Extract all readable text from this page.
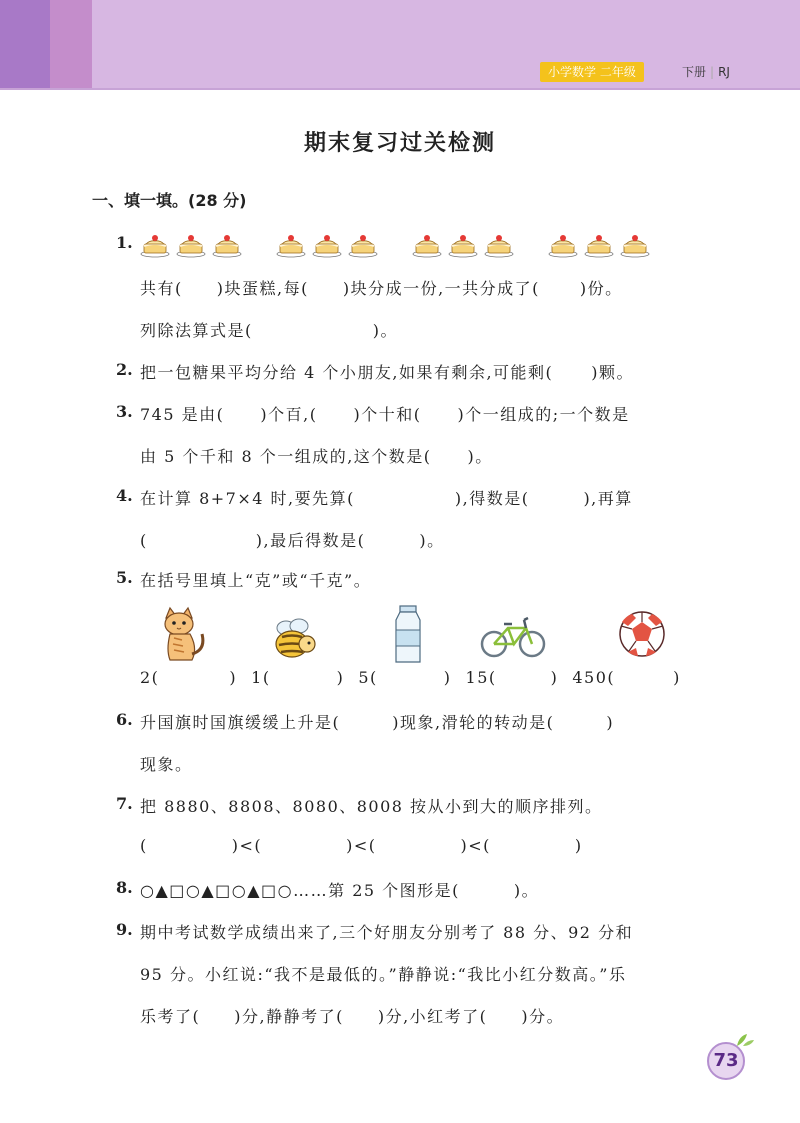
小学数学 二年级	下册 | RJ
期末复习过关检测
一、填一填。(28 分)
1.
共有( )块蛋糕,每( )块分成一份,一共分成了(	)份。
列除法算式是(	)。
2. 把一包糖果平均分给 4 个小朋友,如果有剩余,可能剩( )颗。
3. 745 是由( )个百,( )个十和( )个一组成的;一个数是
由 5 个千和 8 个一组成的,这个数是( )。
4. 在计算 8+7×4 时,要先算(	),得数是(	),再算
(	),最后得数是(	)。
5. 在括号里填上“克”或“千克”。
2(	) 1(	) 5(	) 15(	) 450(	)
6. 升国旗时国旗缓缓上升是(	)现象,滑轮的转动是(	)
现象。
7. 把 8880、8808、8080、8008 按从小到大的顺序排列。
(	)<(	)<(	)<(	)
8. ○▲□○▲□○▲□○……第 25 个图形是(	)。
9. 期中考试数学成绩出来了,三个好朋友分别考了 88 分、92 分和
95 分。小红说:“我不是最低的。”静静说:“我比小红分数高。”乐
乐考了( )分,静静考了( )分,小红考了( )分。
73
